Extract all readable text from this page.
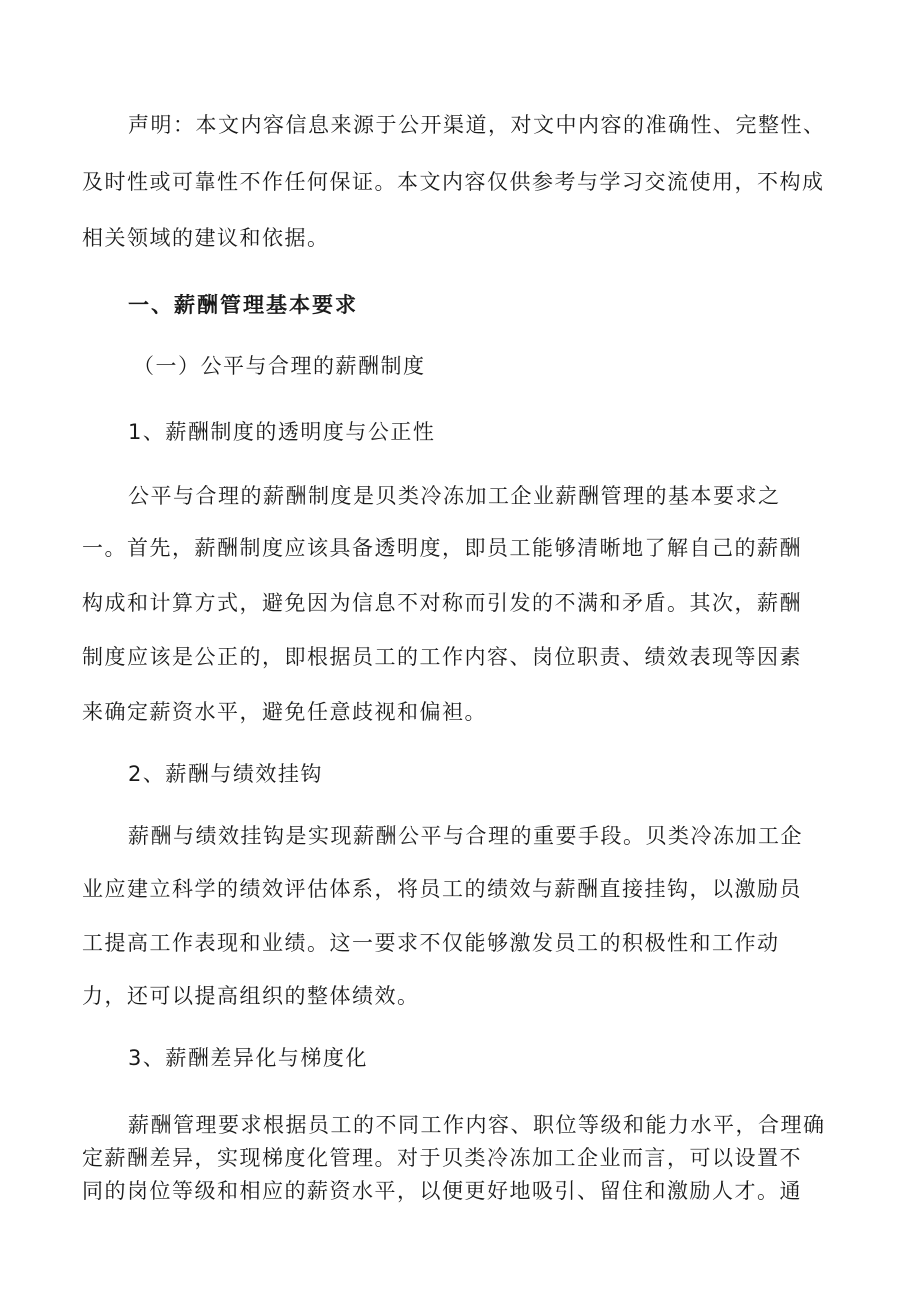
声明：本文内容信息来源于公开渠道，对文中内容的准确性、完整性、

及时性或可靠性不作任何保证。本文内容仅供参考与学习交流使用，不构成

相关领域的建议和依据。

一、薪酬管理基本要求
（一）公平与合理的薪酬制度
1、薪酬制度的透明度与公正性

公平与合理的薪酬制度是贝类冷冻加工企业薪酬管理的基本要求之

一。首先，薪酬制度应该具备透明度，即员工能够清晰地了解自己的薪酬

构成和计算方式，避免因为信息不对称而引发的不满和矛盾。其次，薪酬

制度应该是公正的，即根据员工的工作内容、岗位职责、绩效表现等因素

来确定薪资水平，避免任意歧视和偏袒。

2、薪酬与绩效挂钩

薪酬与绩效挂钩是实现薪酬公平与合理的重要手段。贝类冷冻加工企

业应建立科学的绩效评估体系，将员工的绩效与薪酬直接挂钩，以激励员

工提高工作表现和业绩。这一要求不仅能够激发员工的积极性和工作动

力，还可以提高组织的整体绩效。

3、薪酬差异化与梯度化

薪酬管理要求根据员工的不同工作内容、职位等级和能力水平，合理确

定薪酬差异，实现梯度化管理。对于贝类冷冻加工企业而言，可以设置不

同的岗位等级和相应的薪资水平，以便更好地吸引、留住和激励人才。通
